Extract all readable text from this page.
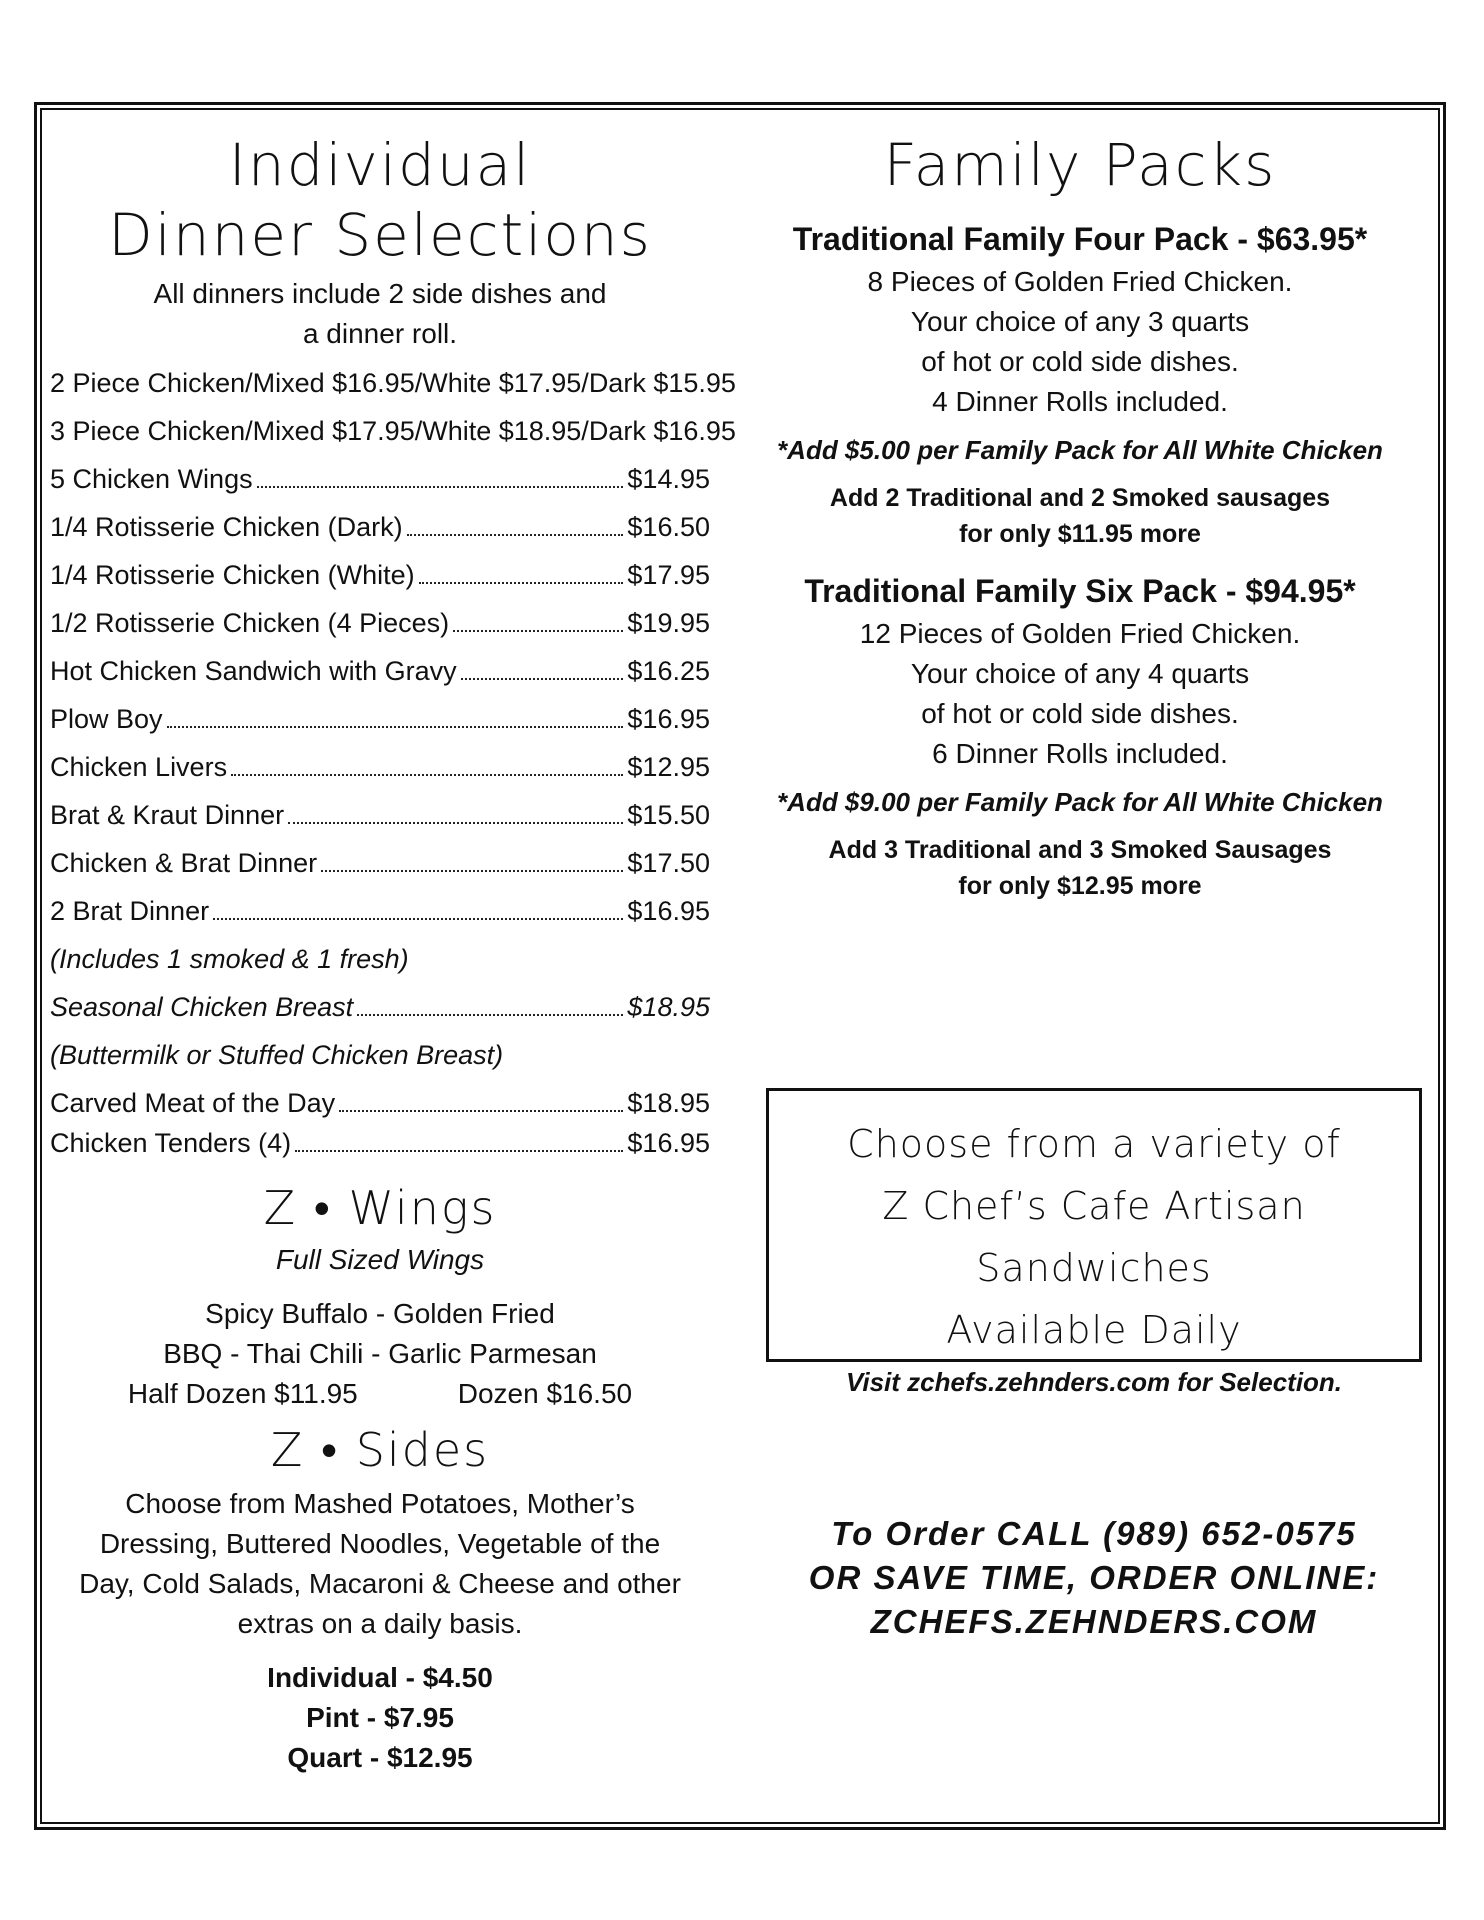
Individual
Dinner Selections
All dinners include 2 side dishes and
a dinner roll.
2 Piece Chicken/Mixed $16.95/White $17.95/Dark $15.95
3 Piece Chicken/Mixed $17.95/White $18.95/Dark $16.95
5 Chicken Wings	$14.95
1/4 Rotisserie Chicken (Dark)	$16.50
1/4 Rotisserie Chicken (White)	$17.95
1/2 Rotisserie Chicken (4 Pieces)	$19.95
Hot Chicken Sandwich with Gravy	$16.25
Plow Boy	$16.95
Chicken Livers	$12.95
Brat & Kraut Dinner	$15.50
Chicken & Brat Dinner	$17.50
2 Brat Dinner	$16.95
(Includes 1 smoked & 1 fresh)
Seasonal Chicken Breast	$18.95
(Buttermilk or Stuffed Chicken Breast)
Carved Meat of the Day	$18.95
Chicken Tenders (4)	$16.95
Z • Wings
Full Sized Wings
Spicy Buffalo - Golden Fried
BBQ - Thai Chili - Garlic Parmesan
Half Dozen $11.95	Dozen $16.50
Z • Sides
Choose from Mashed Potatoes, Mother’s
Dressing, Buttered Noodles, Vegetable of the
Day, Cold Salads, Macaroni & Cheese and other
extras on a daily basis.
Individual - $4.50
Pint - $7.95
Quart - $12.95
Family Packs
Traditional Family Four Pack - $63.95*
8 Pieces of Golden Fried Chicken.
Your choice of any 3 quarts
of hot or cold side dishes.
4 Dinner Rolls included.
*Add $5.00 per Family Pack for All White Chicken
Add 2 Traditional and 2 Smoked sausages
for only $11.95 more
Traditional Family Six Pack - $94.95*
12 Pieces of Golden Fried Chicken.
Your choice of any 4 quarts
of hot or cold side dishes.
6 Dinner Rolls included.
*Add $9.00 per Family Pack for All White Chicken
Add 3 Traditional and 3 Smoked Sausages
for only $12.95 more
Choose from a variety of
Z Chef’s Cafe Artisan Sandwiches
Available Daily
Visit zchefs.zehnders.com for Selection.
To Order CALL (989) 652-0575
OR SAVE TIME, ORDER ONLINE:
ZCHEFS.ZEHNDERS.COM
